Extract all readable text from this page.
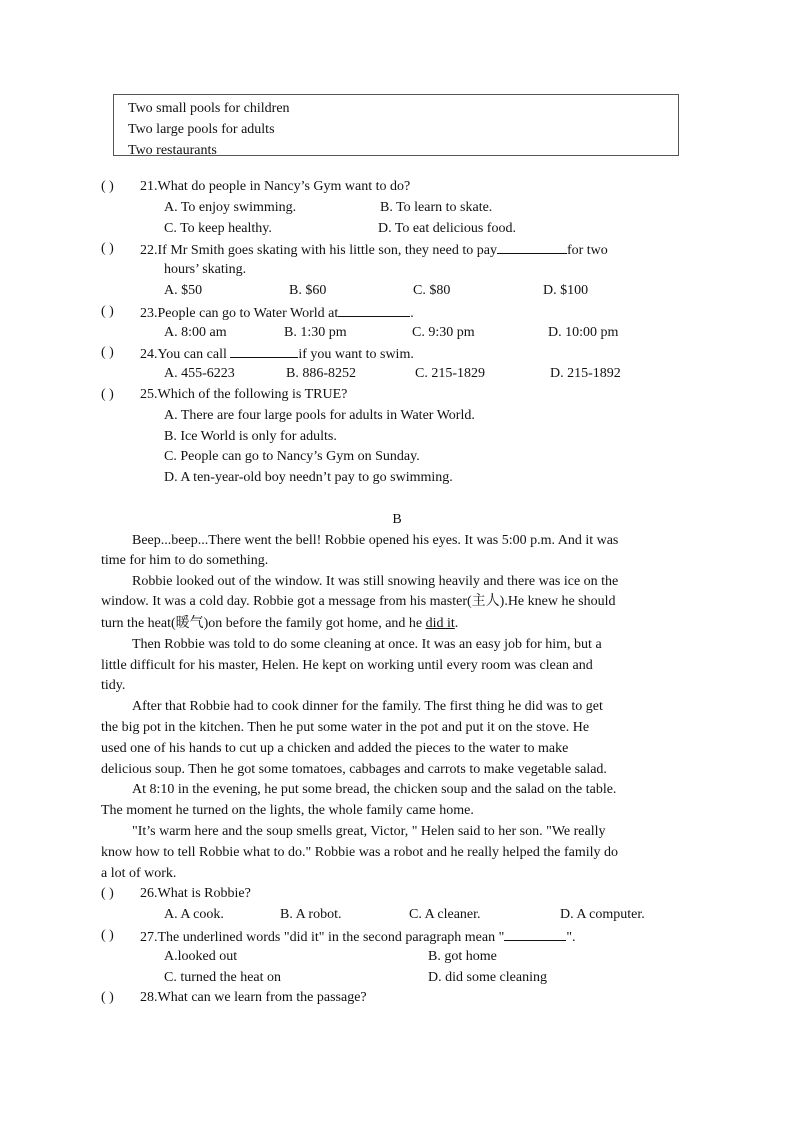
Two small pools for children
Two large pools for adults
Two restaurants
( ) 21.What do people in Nancy’s Gym want to do?
A. To enjoy swimming.	B. To learn to skate.
C. To keep healthy.	D. To eat delicious food.
( ) 22.If Mr Smith goes skating with his little son, they need to pay	for two
hours’ skating.
A. $50	B. $60	C. $80	D. $100
( ) 23.People can go to Water World at	.
A. 8:00 am	B. 1:30 pm	C. 9:30 pm	D. 10:00 pm
( ) 24.You can call	if you want to swim.
A. 455-6223	B. 886-8252	C. 215-1829	D. 215-1892
( ) 25.Which of the following is TRUE?
A. There are four large pools for adults in Water World.
B. Ice World is only for adults.
C. People can go to Nancy’s Gym on Sunday.
D. A ten-year-old boy needn’t pay to go swimming.
B
Beep...beep...There went the bell! Robbie opened his eyes. It was 5:00 p.m. And it was
time for him to do something.
Robbie looked out of the window. It was still snowing heavily and there was ice on the
window. It was a cold day. Robbie got a message from his master(主人).He knew he should
turn the heat(暖气)on before the family got home, and he did it.
Then Robbie was told to do some cleaning at once. It was an easy job for him, but a
little difficult for his master, Helen. He kept on working until every room was clean and
tidy.
After that Robbie had to cook dinner for the family. The first thing he did was to get
the big pot in the kitchen. Then he put some water in the pot and put it on the stove. He
used one of his hands to cut up a chicken and added the pieces to the water to make
delicious soup. Then he got some tomatoes, cabbages and carrots to make vegetable salad.
At 8:10 in the evening, he put some bread, the chicken soup and the salad on the table.
The moment he turned on the lights, the whole family came home.
"It’s warm here and the soup smells great, Victor, " Helen said to her son. "We really
know how to tell Robbie what to do." Robbie was a robot and he really helped the family do
a lot of work.
( ) 26.What is Robbie?
A. A cook.	B. A robot.	C. A cleaner.	D. A computer.
( ) 27.The underlined words "did it" in the second paragraph mean "	".
A.looked out	B. got home
C. turned the heat on	D. did some cleaning
( ) 28.What can we learn from the passage?
